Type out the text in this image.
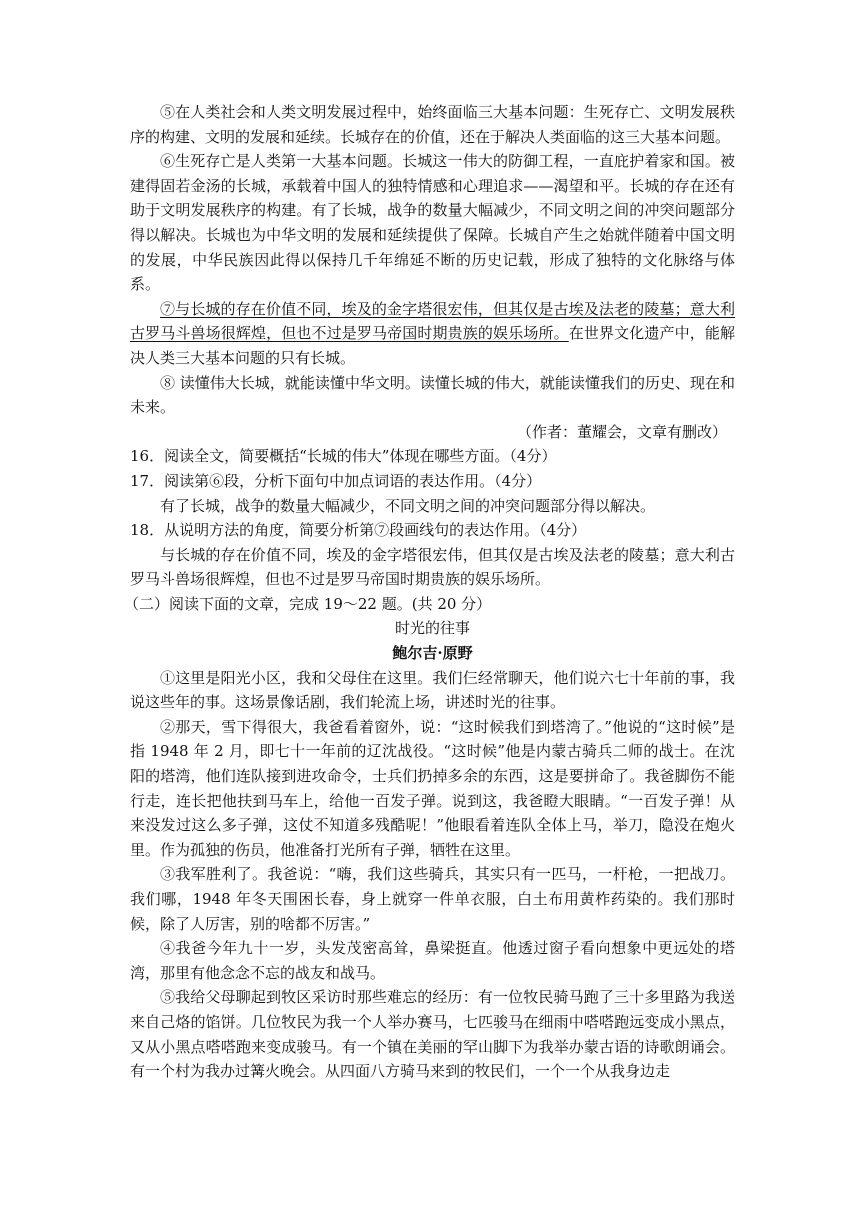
⑤在人类社会和人类文明发展过程中，始终面临三大基本问题：生死存亡、文明发展秩序的构建、文明的发展和延续。长城存在的价值，还在于解决人类面临的这三大基本问题。

⑥生死存亡是人类第一大基本问题。长城这一伟大的防御工程，一直庇护着家和国。被建得固若金汤的长城，承载着中国人的独特情感和心理追求——渴望和平。长城的存在还有助于文明发展秩序的构建。有了长城，战争的数量大幅减少，不同文明之间的冲突问题部分得以解决。长城也为中华文明的发展和延续提供了保障。长城自产生之始就伴随着中国文明的发展，中华民族因此得以保持几千年绵延不断的历史记载，形成了独特的文化脉络与体系。

⑦与长城的存在价值不同，埃及的金字塔很宏伟，但其仅是古埃及法老的陵墓；意大利古罗马斗兽场很辉煌，但也不过是罗马帝国时期贵族的娱乐场所。在世界文化遗产中，能解决人类三大基本问题的只有长城。

⑧ 读懂伟大长城，就能读懂中华文明。读懂长城的伟大，就能读懂我们的历史、现在和未来。

（作者：董耀会，文章有删改）

16．阅读全文，简要概括“长城的伟大”体现在哪些方面。（4分）

17．阅读第⑥段，分析下面句中加点词语的表达作用。（4分）

有了长城，战争的数量大幅减少，不同文明之间的冲突问题部分得以解决。

18．从说明方法的角度，简要分析第⑦段画线句的表达作用。（4分）

与长城的存在价值不同，埃及的金字塔很宏伟，但其仅是古埃及法老的陵墓；意大利古罗马斗兽场很辉煌，但也不过是罗马帝国时期贵族的娱乐场所。

（二）阅读下面的文章，完成 19～22 题。(共 20 分）

时光的往事

鲍尔吉·原野

①这里是阳光小区，我和父母住在这里。我们仨经常聊天，他们说六七十年前的事，我说这些年的事。这场景像话剧，我们轮流上场，讲述时光的往事。

②那天，雪下得很大，我爸看着窗外，说：“这时候我们到塔湾了。”他说的“这时候”是指 1948 年 2 月，即七十一年前的辽沈战役。“这时候”他是内蒙古骑兵二师的战士。在沈阳的塔湾，他们连队接到进攻命令，士兵们扔掉多余的东西，这是要拼命了。我爸脚伤不能行走，连长把他扶到马车上，给他一百发子弹。说到这，我爸瞪大眼睛。“一百发子弹！从来没发过这么多子弹，这仗不知道多残酷呢！”他眼看着连队全体上马，举刀，隐没在炮火里。作为孤独的伤员，他准备打光所有子弹，牺牲在这里。

③我军胜利了。我爸说：“嗨，我们这些骑兵，其实只有一匹马，一杆枪，一把战刀。我们哪，1948 年冬天围困长春，身上就穿一件单衣服，白土布用黄柞药染的。我们那时候，除了人厉害，别的啥都不厉害。”

④我爸今年九十一岁，头发茂密高耸，鼻梁挺直。他透过窗子看向想象中更远处的塔湾，那里有他念念不忘的战友和战马。

⑤我给父母聊起到牧区采访时那些难忘的经历：有一位牧民骑马跑了三十多里路为我送来自己烙的馅饼。几位牧民为我一个人举办赛马，七匹骏马在细雨中嗒嗒跑远变成小黑点，又从小黑点嗒嗒跑来变成骏马。有一个镇在美丽的罕山脚下为我举办蒙古语的诗歌朗诵会。有一个村为我办过篝火晚会。从四面八方骑马来到的牧民们，一个一个从我身边走
